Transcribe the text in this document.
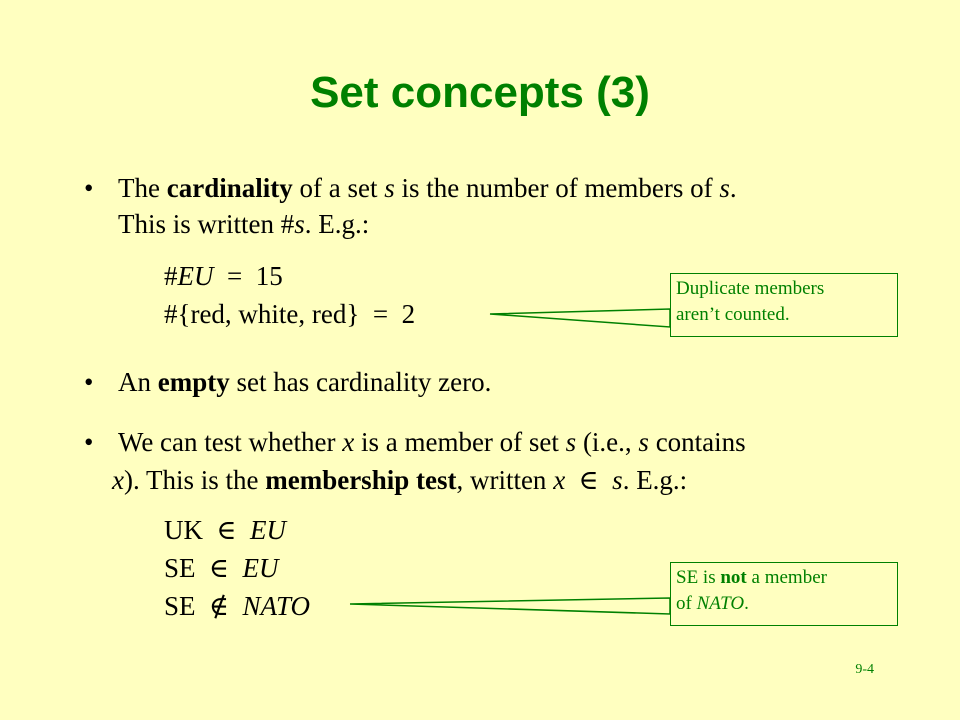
Set concepts (3)
• The cardinality of a set s is the number of members of s.
This is written #s. E.g.:
#EU  =  15
#{red, white, red}  =  2
Duplicate members
aren’t counted.
• An empty set has cardinality zero.
• We can test whether x is a member of set s (i.e., s contains
x). This is the membership test, written x  ∈  s. E.g.:
UK  ∈  EU
SE  ∈  EU
SE  ∉  NATO
SE is not a member
of NATO.
9-4
